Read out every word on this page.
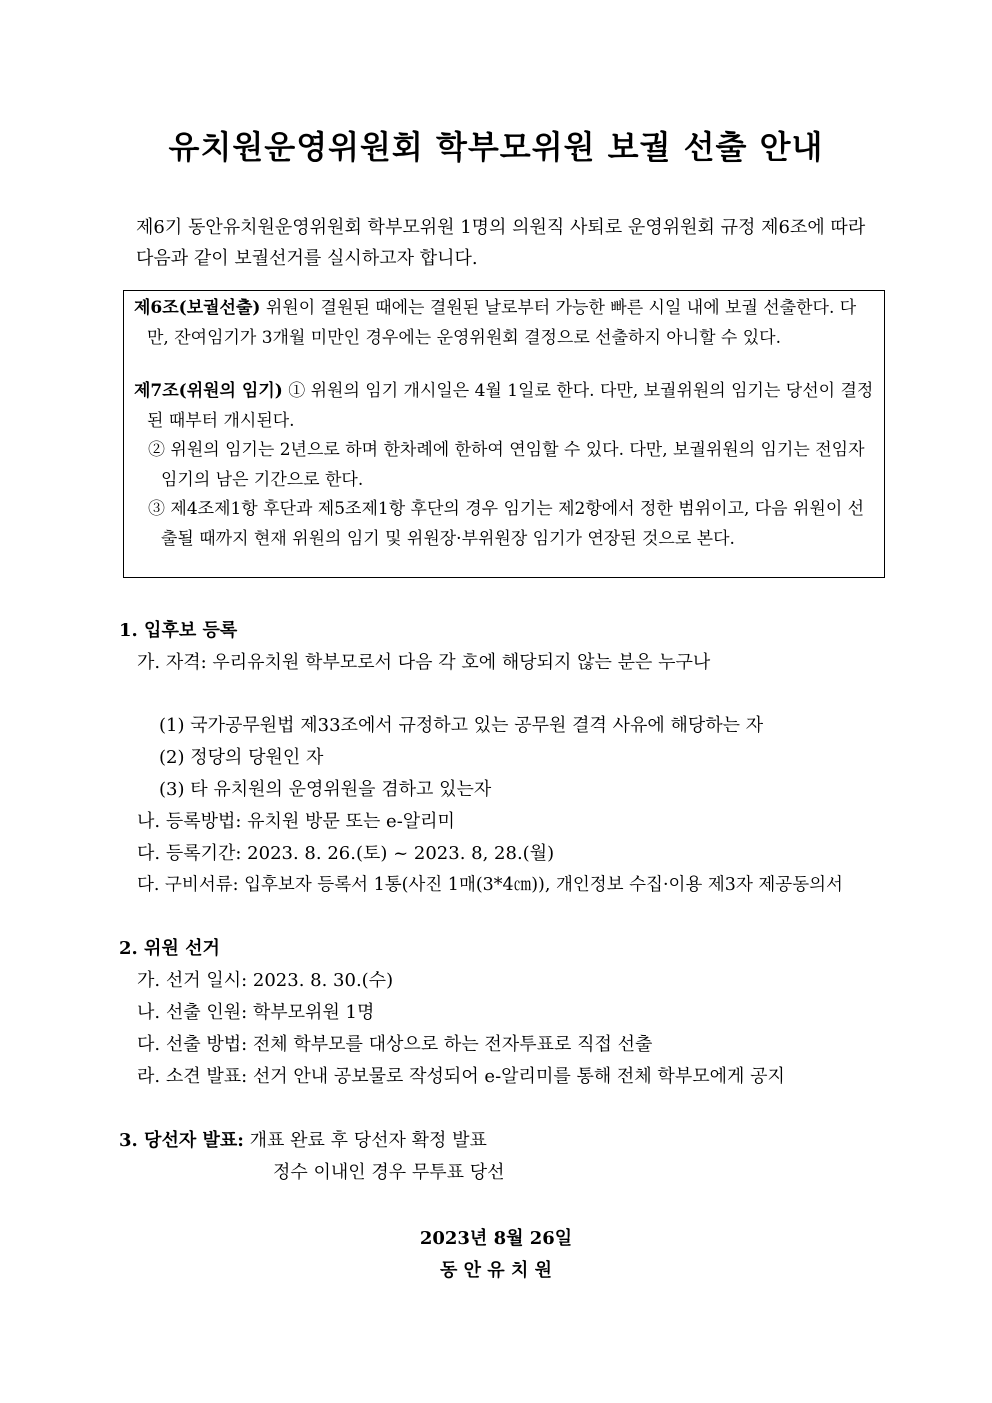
유치원운영위원회 학부모위원 보궐 선출 안내
제6기 동안유치원운영위원회 학부모위원 1명의 의원직 사퇴로 운영위원회 규정 제6조에 따라 다음과 같이 보궐선거를 실시하고자 합니다.
제6조(보궐선출) 위원이 결원된 때에는 결원된 날로부터 가능한 빠른 시일 내에 보궐 선출한다. 다만, 잔여임기가 3개월 미만인 경우에는 운영위원회 결정으로 선출하지 아니할 수 있다.
제7조(위원의 임기) ① 위원의 임기 개시일은 4월 1일로 한다. 다만, 보궐위원의 임기는 당선이 결정된 때부터 개시된다.
② 위원의 임기는 2년으로 하며 한차례에 한하여 연임할 수 있다. 다만, 보궐위원의 임기는 전임자 임기의 남은 기간으로 한다.
③ 제4조제1항 후단과 제5조제1항 후단의 경우 임기는 제2항에서 정한 범위이고, 다음 위원이 선출될 때까지 현재 위원의 임기 및 위원장·부위원장 임기가 연장된 것으로 본다.
1. 입후보 등록
가. 자격: 우리유치원 학부모로서 다음 각 호에 해당되지 않는 분은 누구나
(1) 국가공무원법 제33조에서 규정하고 있는 공무원 결격 사유에 해당하는 자
(2) 정당의 당원인 자
(3) 타 유치원의 운영위원을 겸하고 있는자
나. 등록방법: 유치원 방문 또는 e-알리미
다. 등록기간: 2023. 8. 26.(토) ~ 2023. 8, 28.(월)
다. 구비서류: 입후보자 등록서 1통(사진 1매(3*4㎝)), 개인정보 수집·이용 제3자 제공동의서
2. 위원 선거
가. 선거 일시: 2023. 8. 30.(수)
나. 선출 인원: 학부모위원 1명
다. 선출 방법: 전체 학부모를 대상으로 하는 전자투표로 직접 선출
라. 소견 발표: 선거 안내 공보물로 작성되어 e-알리미를 통해 전체 학부모에게 공지
3. 당선자 발표: 개표 완료 후 당선자 확정 발표
정수 이내인 경우 무투표 당선
2023년 8월 26일
동 안 유 치 원
